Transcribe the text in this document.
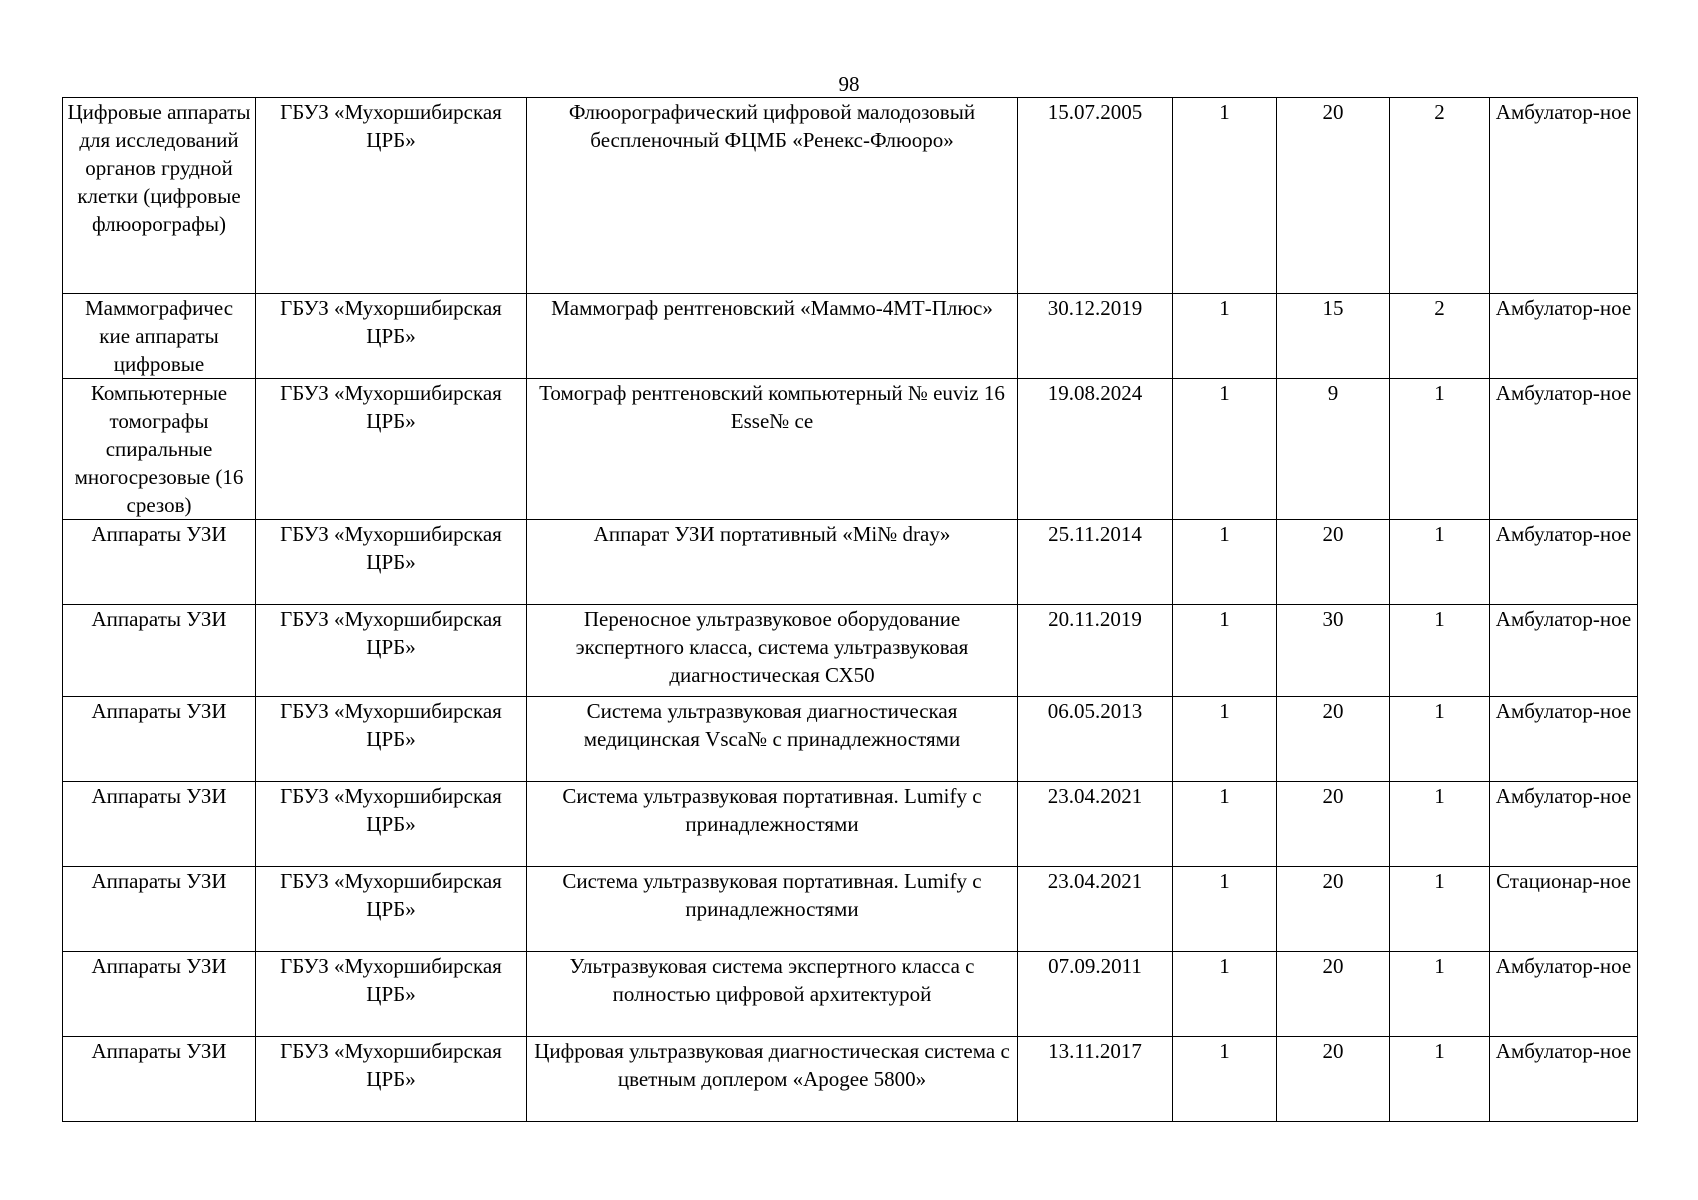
98
Цифровые аппараты для исследований органов грудной клетки (цифровые флюорографы)	ГБУЗ «Мухоршибирская ЦРБ»	Флюорографический цифровой малодозовый беспленочный ФЦМБ «Ренекс-Флюоро»	15.07.2005	1	20	2	Амбулатор-ное

Маммографичес кие аппараты цифровые	ГБУЗ «Мухоршибирская ЦРБ»	Маммограф рентгеновский «Маммо-4МТ-Плюс»	30.12.2019	1	15	2	Амбулатор-ное

Компьютерные томографы спиральные многосрезовые (16 срезов)	ГБУЗ «Мухоршибирская ЦРБ»	Томограф рентгеновский компьютерный № euviz 16 Esse№ ce	19.08.2024	1	9	1	Амбулатор-ное

Аппараты УЗИ	ГБУЗ «Мухоршибирская ЦРБ»	Аппарат УЗИ портативный «Mi№ dray»	25.11.2014	1	20	1	Амбулатор-ное

Аппараты УЗИ	ГБУЗ «Мухоршибирская ЦРБ»	Переносное ультразвуковое оборудование экспертного класса, система ультразвуковая диагностическая СХ50	20.11.2019	1	30	1	Амбулатор-ное

Аппараты УЗИ	ГБУЗ «Мухоршибирская ЦРБ»	Система ультразвуковая диагностическая медицинская Vsca№ с принадлежностями	06.05.2013	1	20	1	Амбулатор-ное

Аппараты УЗИ	ГБУЗ «Мухоршибирская ЦРБ»	Система ультразвуковая портативная. Lumify с принадлежностями	23.04.2021	1	20	1	Амбулатор-ное

Аппараты УЗИ	ГБУЗ «Мухоршибирская ЦРБ»	Система ультразвуковая портативная. Lumify с принадлежностями	23.04.2021	1	20	1	Стационар-ное

Аппараты УЗИ	ГБУЗ «Мухоршибирская ЦРБ»	Ультразвуковая система экспертного класса с полностью цифровой архитектурой	07.09.2011	1	20	1	Амбулатор-ное

Аппараты УЗИ	ГБУЗ «Мухоршибирская ЦРБ»	Цифровая ультразвуковая диагностическая система с цветным доплером «Apogee 5800»	13.11.2017	1	20	1	Амбулатор-ное
